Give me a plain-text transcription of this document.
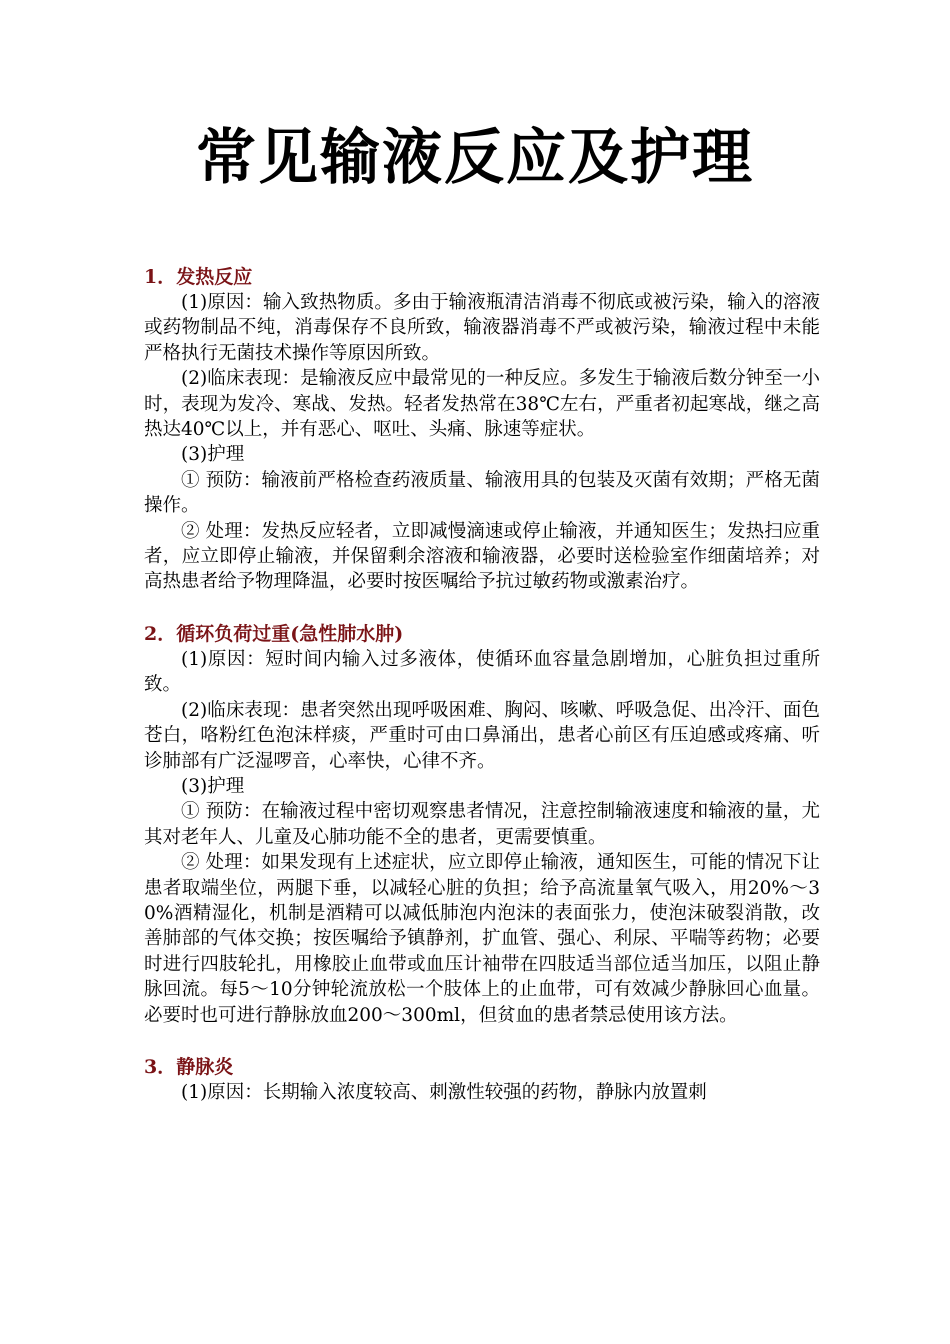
常见输液反应及护理
1．发热反应

(1)原因：输入致热物质。多由于输液瓶清洁消毒不彻底或被污染，输入的溶液或药物制品不纯，消毒保存不良所致，输液器消毒不严或被污染，输液过程中未能严格执行无菌技术操作等原因所致。

(2)临床表现：是输液反应中最常见的一种反应。多发生于输液后数分钟至一小时，表现为发冷、寒战、发热。轻者发热常在38℃左右，严重者初起寒战，继之高热达40℃以上，并有恶心、呕吐、头痛、脉速等症状。

(3)护理

① 预防：输液前严格检查药液质量、输液用具的包装及灭菌有效期；严格无菌操作。

② 处理：发热反应轻者，立即减慢滴速或停止输液，并通知医生；发热扫应重者，应立即停止输液，并保留剩余溶液和输液器，必要时送检验室作细菌培养；对高热患者给予物理降温，必要时按医嘱给予抗过敏药物或激素治疗。

2．循环负荷过重(急性肺水肿)

(1)原因：短时间内输入过多液体，使循环血容量急剧增加，心脏负担过重所致。

(2)临床表现：患者突然出现呼吸困难、胸闷、咳嗽、呼吸急促、出冷汗、面色苍白，咯粉红色泡沫样痰，严重时可由口鼻涌出，患者心前区有压迫感或疼痛、听诊肺部有广泛湿啰音，心率快，心律不齐。

(3)护理

① 预防：在输液过程中密切观察患者情况，注意控制输液速度和输液的量，尤其对老年人、儿童及心肺功能不全的患者，更需要慎重。

② 处理：如果发现有上述症状，应立即停止输液，通知医生，可能的情况下让患者取端坐位，两腿下垂，以减轻心脏的负担；给予高流量氧气吸入，用20%～30%酒精湿化，机制是酒精可以减低肺泡内泡沫的表面张力，使泡沫破裂消散，改善肺部的气体交换；按医嘱给予镇静剂，扩血管、强心、利尿、平喘等药物；必要时进行四肢轮扎，用橡胶止血带或血压计袖带在四肢适当部位适当加压，以阻止静脉回流。每5～10分钟轮流放松一个肢体上的止血带，可有效减少静脉回心血量。必要时也可进行静脉放血200～300ml，但贫血的患者禁忌使用该方法。

3．静脉炎

(1)原因：长期输入浓度较高、刺激性较强的药物，静脉内放置刺
